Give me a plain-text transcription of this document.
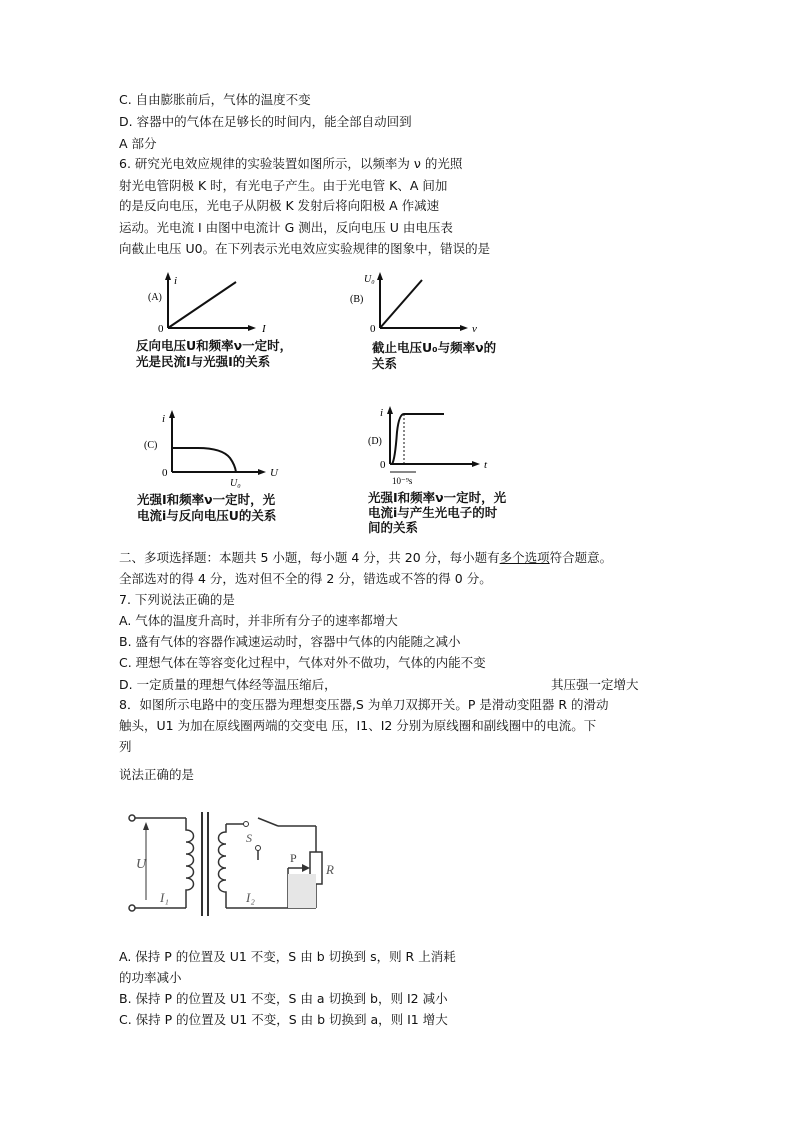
C. 自由膨胀前后，气体的温度不变
D. 容器中的气体在足够长的时间内，能全部自动回到
A 部分
6. 研究光电效应规律的实验装置如图所示，以频率为 ν 的光照
射光电管阴极 K 时，有光电子产生。由于光电管 K、A 间加
的是反向电压，光电子从阴极 K 发射后将向阳极 A 作减速
运动。光电流 I 由图中电流计 G 测出，反向电压 U 由电压表
向截止电压 U0。在下列表示光电效应实验规律的图象中，错误的是
(A)
i
I
0
反向电压U和频率ν一定时，
光是民流I与光强I的关系
(B)
U₀
ν
0
截止电压U₀与频率ν的
关系
(C)
i
U
0
U₀
光强I和频率ν一定时，光
电流i与反向电压U的关系
(D)
i
t
0
10⁻⁹s
光强I和频率ν一定时，光
电流i与产生光电子的时
间的关系
二、多项选择题：本题共 5 小题，每小题 4 分，共 20 分，每小题有多个选项符合题意。
全部选对的得 4 分，选对但不全的得 2 分，错选或不答的得 0 分。
7. 下列说法正确的是
A. 气体的温度升高时，并非所有分子的速率都增大
B. 盛有气体的容器作减速运动时，容器中气体的内能随之减小
C. 理想气体在等容变化过程中，气体对外不做功，气体的内能不变
D. 一定质量的理想气体经等温压缩后，	其压强一定增大
8．如图所示电路中的变压器为理想变压器,S 为单刀双掷开关。P 是滑动变阻器 R 的滑动
触头，U1 为加在原线圈两端的交变电 压，I1、I2 分别为原线圈和副线圈中的电流。下
列
说法正确的是
U
I₁
S
P
R
I₂
A. 保持 P 的位置及 U1 不变，S 由 b 切换到 s，则 R 上消耗
的功率减小
B. 保持 P 的位置及 U1 不变，S 由 a 切换到 b，则 I2 减小
C. 保持 P 的位置及 U1 不变，S 由 b 切换到 a，则 I1 增大
